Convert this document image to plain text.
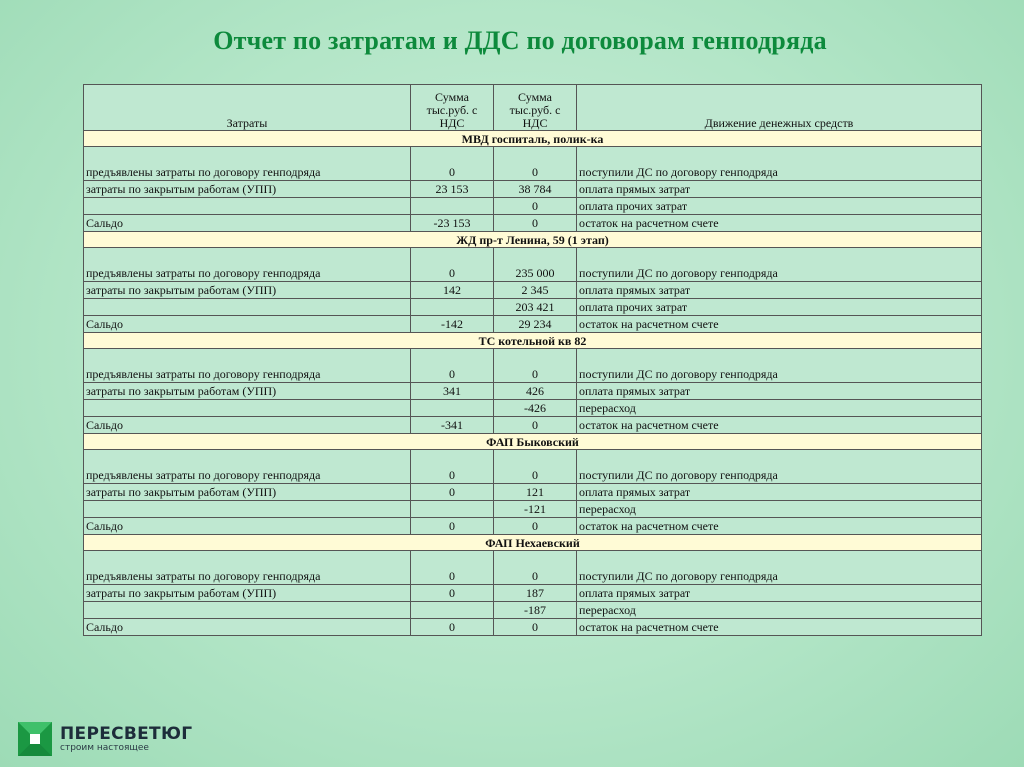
Отчет по затратам и ДДС по договорам генподряда
Затраты	Сумма тыс.руб. с НДС	Сумма тыс.руб. с НДС	Движение денежных средств
МВД госпиталь, полик-ка			
предъявлены затраты по договору генподряда	0	0	поступили ДС по договору генподряда
затраты по закрытым работам (УПП)	23 153	38 784	оплата прямых затрат
		0	оплата прочих затрат
Сальдо	-23 153	0	остаток на расчетном счете
ЖД пр-т Ленина, 59 (1 этап)			
предъявлены затраты по договору генподряда	0	235 000	поступили ДС по договору генподряда
затраты по закрытым работам (УПП)	142	2 345	оплата прямых затрат
		203 421	оплата прочих затрат
Сальдо	-142	29 234	остаток на расчетном счете
ТС котельной кв 82			
предъявлены затраты по договору генподряда	0	0	поступили ДС по договору генподряда
затраты по закрытым работам (УПП)	341	426	оплата прямых затрат
		-426	перерасход
Сальдо	-341	0	остаток на расчетном счете
ФАП Быковский			
предъявлены затраты по договору генподряда	0	0	поступили ДС по договору генподряда
затраты по закрытым работам (УПП)	0	121	оплата прямых затрат
		-121	перерасход
Сальдо	0	0	остаток на расчетном счете
ФАП Нехаевский			
предъявлены затраты по договору генподряда	0	0	поступили ДС по договору генподряда
затраты по закрытым работам (УПП)	0	187	оплата прямых затрат
		-187	перерасход
Сальдо	0	0	остаток на расчетном счете
ПЕРЕСВЕТЮГ
строим настоящее
